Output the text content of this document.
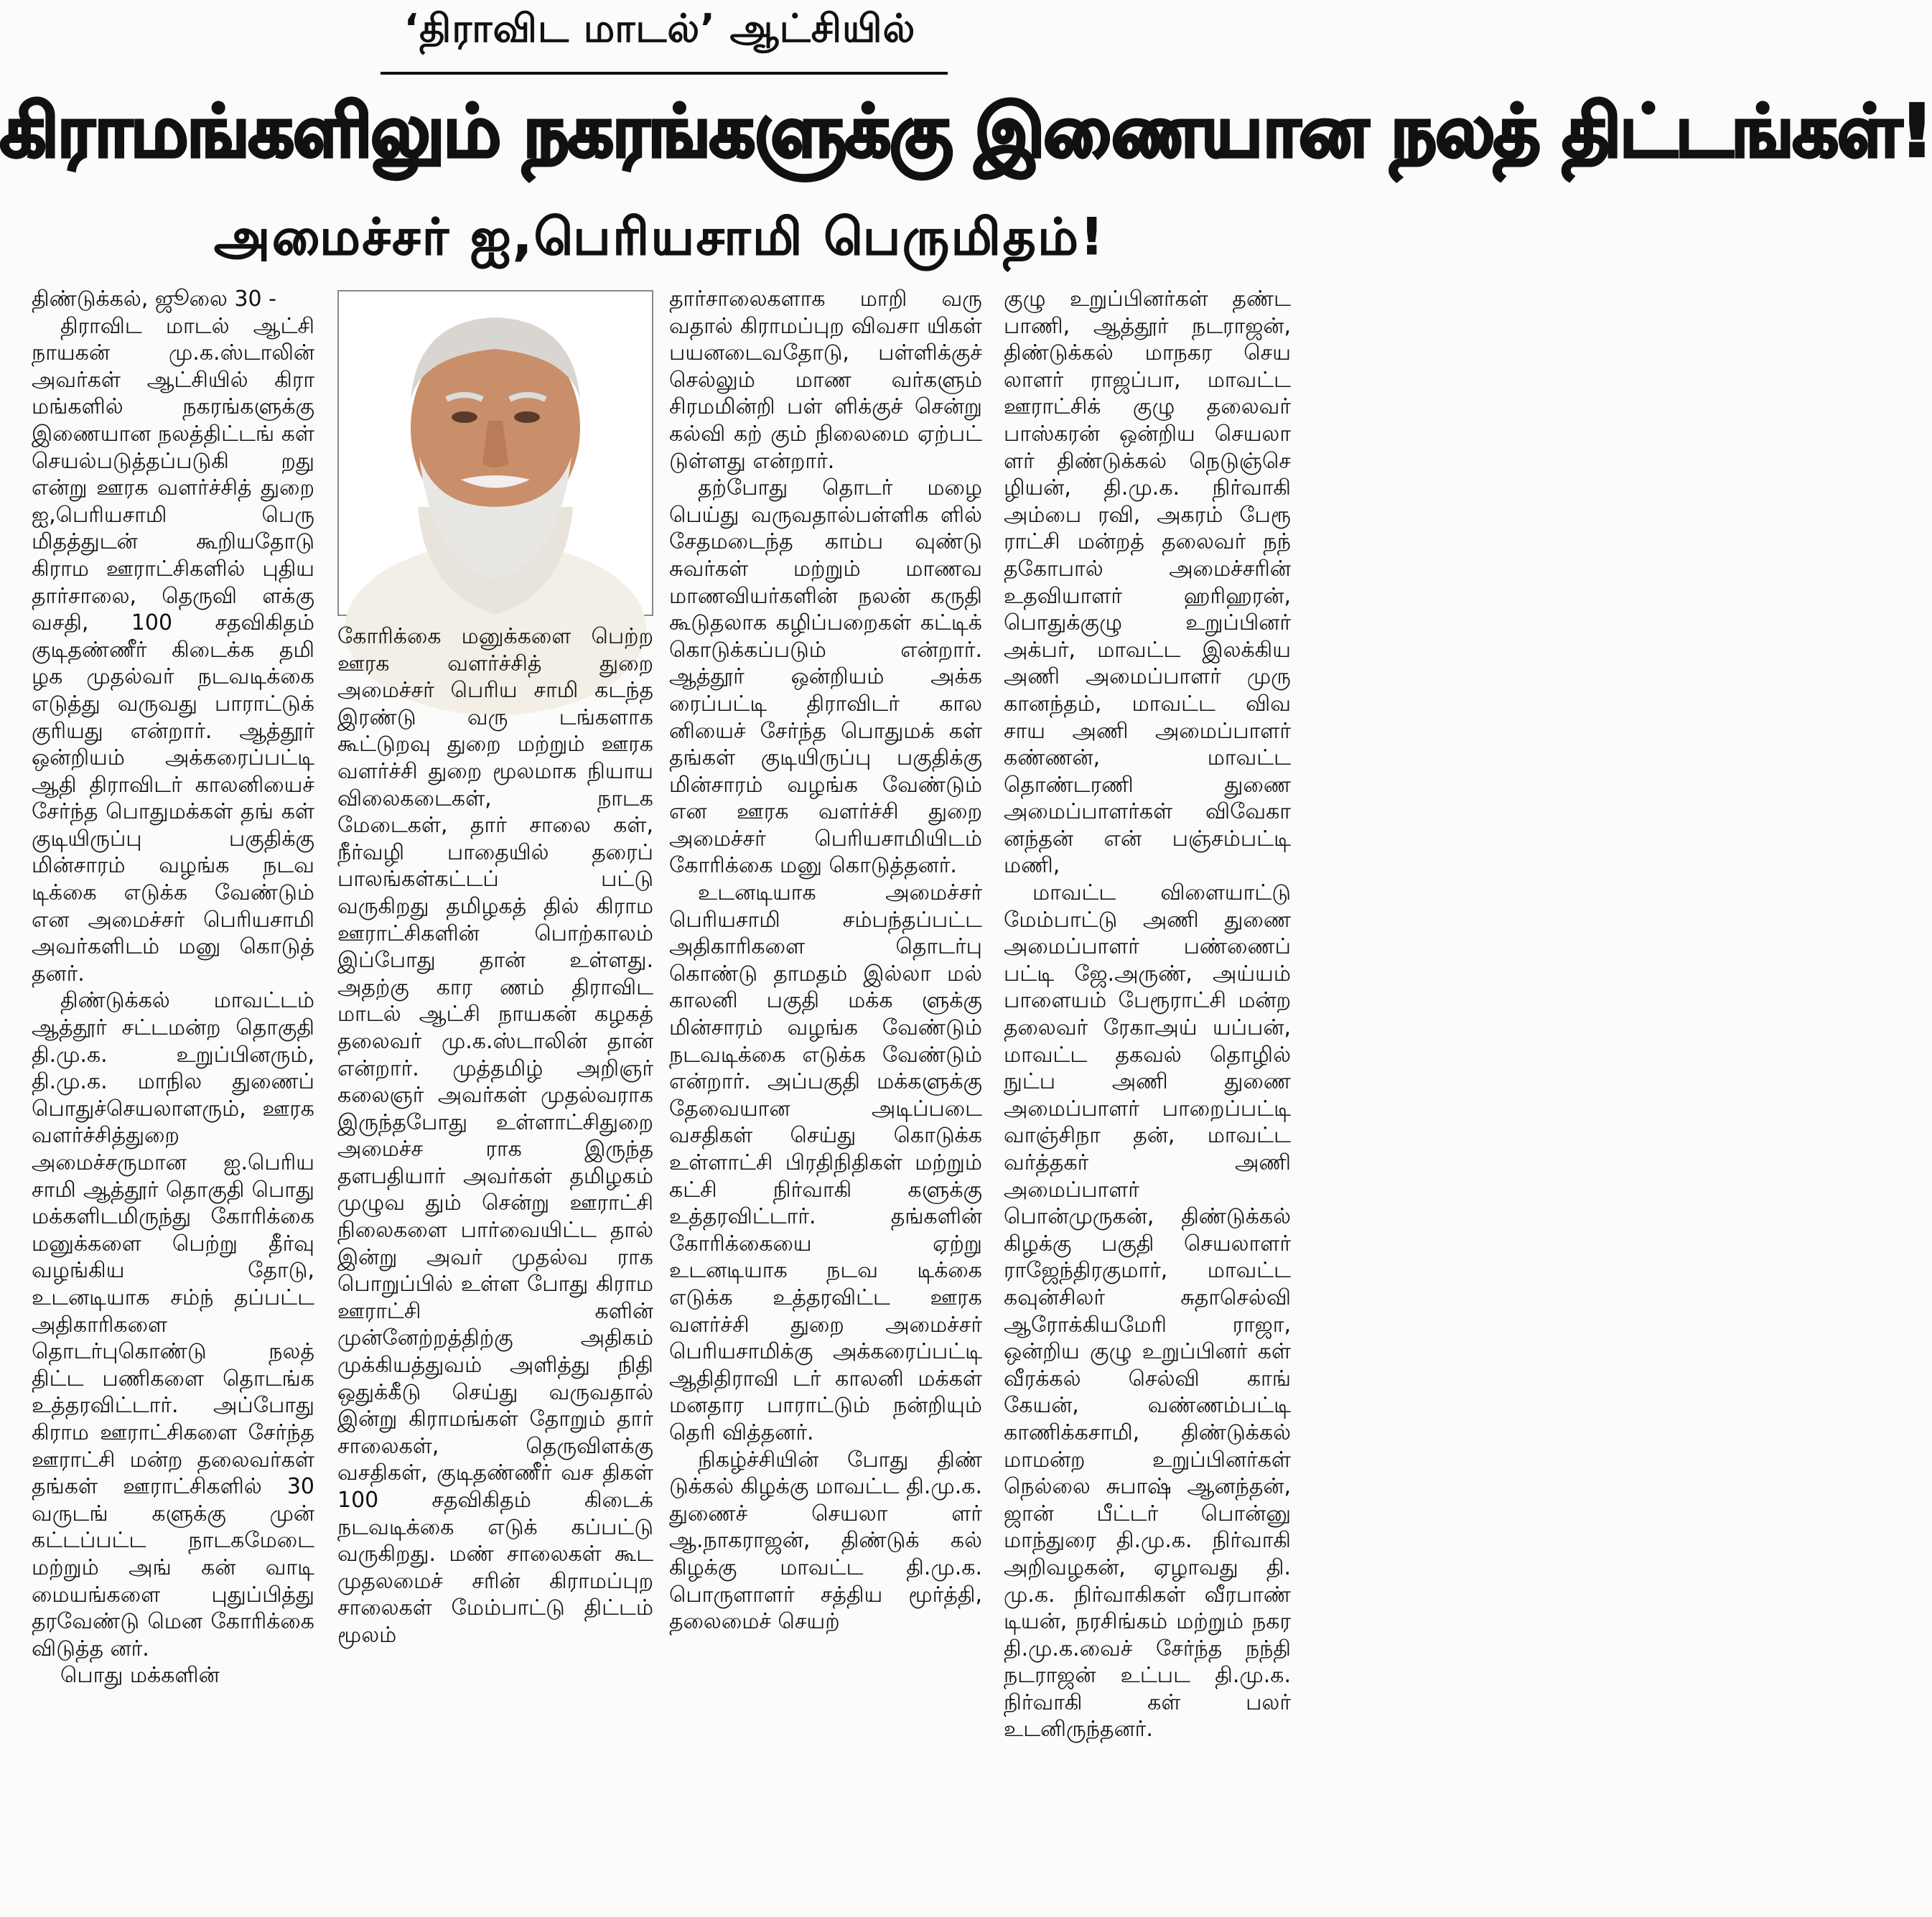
‘திராவிட மாடல்’ ஆட்சியில்
கிராமங்களிலும் நகரங்களுக்கு இணையான நலத் திட்டங்கள்!
அமைச்சர் ஐ,பெரியசாமி பெருமிதம்!

திண்டுக்கல், ஜூலை 30 -

திராவிட மாடல் ஆட்சி நாயகன் மு.க.ஸ்டாலின் அவர்கள் ஆட்சியில் கிரா மங்களில் நகரங்களுக்கு இணையான நலத்திட்டங் கள் செயல்படுத்தப்படுகி றது என்று ஊரக வளர்ச்சித் துறை ஐ,பெரியசாமி பெரு மிதத்துடன் கூறியதோடு கிராம ஊராட்சிகளில் புதிய தார்சாலை, தெருவி ளக்கு வசதி, 100 சதவிகிதம் குடிதண்ணீர் கிடைக்க தமி ழக முதல்வர் நடவடிக்கை எடுத்து வருவது பாராட்டுக் குரியது என்றார். ஆத்தூர் ஒன்றியம் அக்கரைப்பட்டி ஆதி திராவிடர் காலனியைச் சேர்ந்த பொதுமக்கள் தங் கள் குடியிருப்பு பகுதிக்கு மின்சாரம் வழங்க நடவ டிக்கை எடுக்க வேண்டும் என அமைச்சர் பெரியசாமி அவர்களிடம் மனு கொடுத் தனர்.

திண்டுக்கல் மாவட்டம் ஆத்தூர் சட்டமன்ற தொகுதி தி.மு.க. உறுப்பினரும், தி.மு.க. மாநில துணைப் பொதுச்செயலாளரும், ஊரக வளர்ச்சித்துறை அமைச்சருமான ஐ.பெரிய சாமி ஆத்தூர் தொகுதி பொது மக்களிடமிருந்து கோரிக்கை மனுக்களை பெற்று தீர்வு வழங்கிய தோடு, உடனடியாக சம்ந் தப்பட்ட அதிகாரிகளை தொடர்புகொண்டு நலத் திட்ட பணிகளை தொடங்க உத்தரவிட்டார். அப்போது கிராம ஊராட்சிகளை சேர்ந்த ஊராட்சி மன்ற தலைவர்கள் தங்கள் ஊராட்சிகளில் 30 வருடங் களுக்கு முன் கட்டப்பட்ட நாடகமேடை மற்றும் அங் கன் வாடி மையங்களை புதுப்பித்து தரவேண்டு மென கோரிக்கை விடுத்த னர்.

பொது மக்களின்

கோரிக்கை மனுக்களை பெற்ற ஊரக வளர்ச்சித் துறை அமைச்சர் பெரிய சாமி கடந்த இரண்டு வரு டங்களாக கூட்டுறவு துறை மற்றும் ஊரக வளர்ச்சி துறை மூலமாக நியாய விலைகடைகள், நாடக மேடைகள், தார் சாலை கள், நீர்வழி பாதையில் தரைப் பாலங்கள்கட்டப் பட்டு வருகிறது தமிழகத் தில் கிராம ஊராட்சிகளின் பொற்காலம் இப்போது தான் உள்ளது. அதற்கு கார ணம் திராவிட மாடல் ஆட்சி நாயகன் கழகத் தலைவர் மு.க.ஸ்டாலின் தான் என்றார். முத்தமிழ் அறிஞர் கலைஞர் அவர்கள் முதல்வராக இருந்தபோது உள்ளாட்சிதுறை அமைச்ச ராக இருந்த தளபதியார் அவர்கள் தமிழகம் முழுவ தும் சென்று ஊராட்சி நிலைகளை பார்வையிட்ட தால் இன்று அவர் முதல்வ ராக பொறுப்பில் உள்ள போது கிராம ஊராட்சி களின் முன்னேற்றத்திற்கு அதிகம் முக்கியத்துவம் அளித்து நிதி ஒதுக்கீடு செய்து வருவதால் இன்று கிராமங்கள் தோறும் தார் சாலைகள், தெருவிளக்கு வசதிகள், குடிதண்ணீர் வச திகள் 100 சதவிகிதம் கிடைக் நடவடிக்கை எடுக் கப்பட்டு வருகிறது. மண் சாலைகள் கூட முதலமைச் சரின் கிராமப்புற சாலைகள் மேம்பாட்டு திட்டம் மூலம்

தார்சாலைகளாக மாறி வரு வதால் கிராமப்புற விவசா யிகள் பயனடைவதோடு, பள்ளிக்குச் செல்லும் மாண வர்களும் சிரமமின்றி பள் ளிக்குச் சென்று கல்வி கற் கும் நிலைமை ஏற்பட் டுள்ளது என்றார்.

தற்போது தொடர் மழை பெய்து வருவதால்பள்ளிக ளில் சேதமடைந்த காம்ப வுண்டு சுவர்கள் மற்றும் மாணவ மாணவியர்களின் நலன் கருதி கூடுதலாக கழிப்பறைகள் கட்டிக் கொடுக்கப்படும் என்றார். ஆத்தூர் ஒன்றியம் அக்க ரைப்பட்டி திராவிடர் கால னியைச் சேர்ந்த பொதுமக் கள் தங்கள் குடியிருப்பு பகுதிக்கு மின்சாரம் வழங்க வேண்டும் என ஊரக வளர்ச்சி துறை அமைச்சர் பெரியசாமியிடம் கோரிக்கை மனு கொடுத்தனர்.

உடனடியாக அமைச்சர் பெரியசாமி சம்பந்தப்பட்ட அதிகாரிகளை தொடர்பு கொண்டு தாமதம் இல்லா மல் காலனி பகுதி மக்க ளுக்கு மின்சாரம் வழங்க வேண்டும் நடவடிக்கை எடுக்க வேண்டும் என்றார். அப்பகுதி மக்களுக்கு தேவையான அடிப்படை வசதிகள் செய்து கொடுக்க உள்ளாட்சி பிரதிநிதிகள் மற்றும் கட்சி நிர்வாகி களுக்கு உத்தரவிட்டார். தங்களின் கோரிக்கையை ஏற்று உடனடியாக நடவ டிக்கை எடுக்க உத்தரவிட்ட ஊரக வளர்ச்சி துறை அமைச்சர் பெரியசாமிக்கு அக்கரைப்பட்டி ஆதிதிராவி டர் காலனி மக்கள் மனதார பாராட்டும் நன்றியும் தெரி வித்தனர்.

நிகழ்ச்சியின் போது திண் டுக்கல் கிழக்கு மாவட்ட தி.மு.க. துணைச் செயலா ளர் ஆ.நாகராஜன், திண்டுக் கல் கிழக்கு மாவட்ட தி.மு.க. பொருளாளர் சத்திய மூர்த்தி, தலைமைச் செயற்

குழு உறுப்பினர்கள் தண்ட பாணி, ஆத்தூர் நடராஜன், திண்டுக்கல் மாநகர செய லாளர் ராஜப்பா, மாவட்ட ஊராட்சிக் குழு தலைவர் பாஸ்கரன் ஒன்றிய செயலா ளர் திண்டுக்கல் நெடுஞ்செ ழியன், தி.மு.க. நிர்வாகி அம்பை ரவி, அகரம் பேரூ ராட்சி மன்றத் தலைவர் நந் தகோபால் அமைச்சரின் உதவியாளர் ஹரிஹரன், பொதுக்குழு உறுப்பினர் அக்பர், மாவட்ட இலக்கிய அணி அமைப்பாளர் முரு கானந்தம், மாவட்ட விவ சாய அணி அமைப்பாளர் கண்ணன், மாவட்ட தொண்டரணி துணை அமைப்பாளர்கள் விவேகா னந்தன் என் பஞ்சம்பட்டி மணி,

மாவட்ட விளையாட்டு மேம்பாட்டு அணி துணை அமைப்பாளர் பண்ணைப் பட்டி ஜே.அருண், அய்யம் பாளையம் பேரூராட்சி மன்ற தலைவர் ரேகாஅய் யப்பன், மாவட்ட தகவல் தொழில் நுட்ப அணி துணை அமைப்பாளர் பாறைப்பட்டி வாஞ்சிநா தன், மாவட்ட வர்த்தகர் அணி அமைப்பாளர் பொன்முருகன், திண்டுக்கல் கிழக்கு பகுதி செயலாளர் ராஜேந்திரகுமார், மாவட்ட கவுன்சிலர் சுதாசெல்வி ஆரோக்கியமேரி ராஜா, ஒன்றிய குழு உறுப்பினர் கள் வீரக்கல் செல்வி காங் கேயன், வண்ணம்பட்டி காணிக்கசாமி, திண்டுக்கல் மாமன்ற உறுப்பினர்கள் நெல்லை சுபாஷ் ஆனந்தன், ஜான் பீட்டர் பொன்னு மாந்துரை தி.மு.க. நிர்வாகி அறிவழகன், ஏழாவது தி. மு.க. நிர்வாகிகள் வீரபாண் டியன், நரசிங்கம் மற்றும் நகர தி.மு.க.வைச் சேர்ந்த நந்தி நடராஜன் உட்பட தி.மு.க. நிர்வாகி கள் பலர் உடனிருந்தனர்.
